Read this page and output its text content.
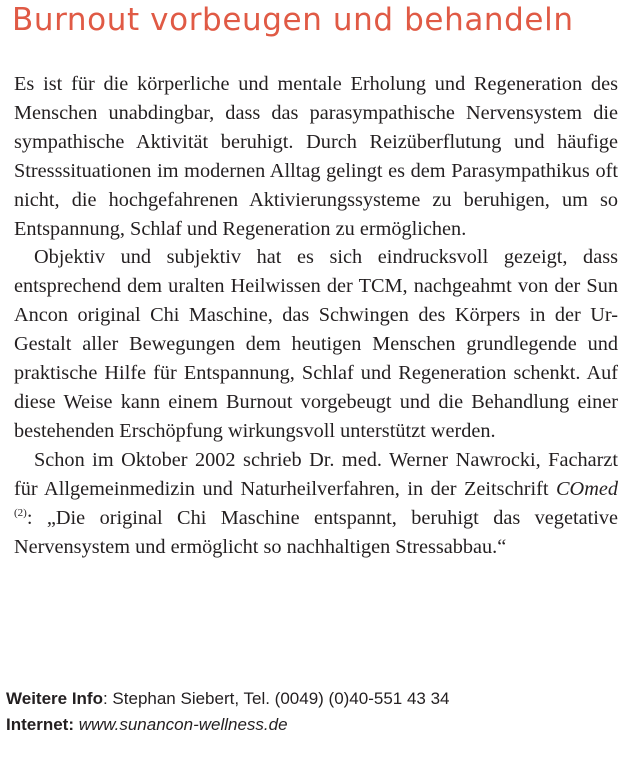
Burnout vorbeugen und behandeln

Es ist für die körperliche und mentale Erholung und Regeneration des Menschen unabdingbar, dass das parasympathische Nervensystem die sympathische Aktivität beruhigt. Durch Reizüberflutung und häufige Stresssituationen im modernen Alltag gelingt es dem Parasympathikus oft nicht, die hochgefahrenen Aktivierungssysteme zu beruhigen, um so Entspannung, Schlaf und Regeneration zu ermöglichen.

Objektiv und subjektiv hat es sich eindrucksvoll gezeigt, dass entsprechend dem uralten Heilwissen der TCM, nachgeahmt von der Sun Ancon original Chi Maschine, das Schwingen des Körpers in der Ur-Gestalt aller Bewegungen dem heutigen Menschen grundlegende und praktische Hilfe für Entspannung, Schlaf und Regeneration schenkt. Auf diese Weise kann einem Burnout vorgebeugt und die Behandlung einer bestehenden Erschöpfung wirkungsvoll unterstützt werden.

Schon im Oktober 2002 schrieb Dr. med. Werner Nawrocki, Facharzt für Allgemeinmedizin und Naturheilverfahren, in der Zeitschrift COmed $^{(2)}$: „Die original Chi Maschine entspannt, beruhigt das vegetative Nervensystem und ermöglicht so nachhaltigen Stressabbau.“

Weitere Info: Stephan Siebert, Tel. (0049) (0)40-551 43 34
Internet: www.sunancon-wellness.de
